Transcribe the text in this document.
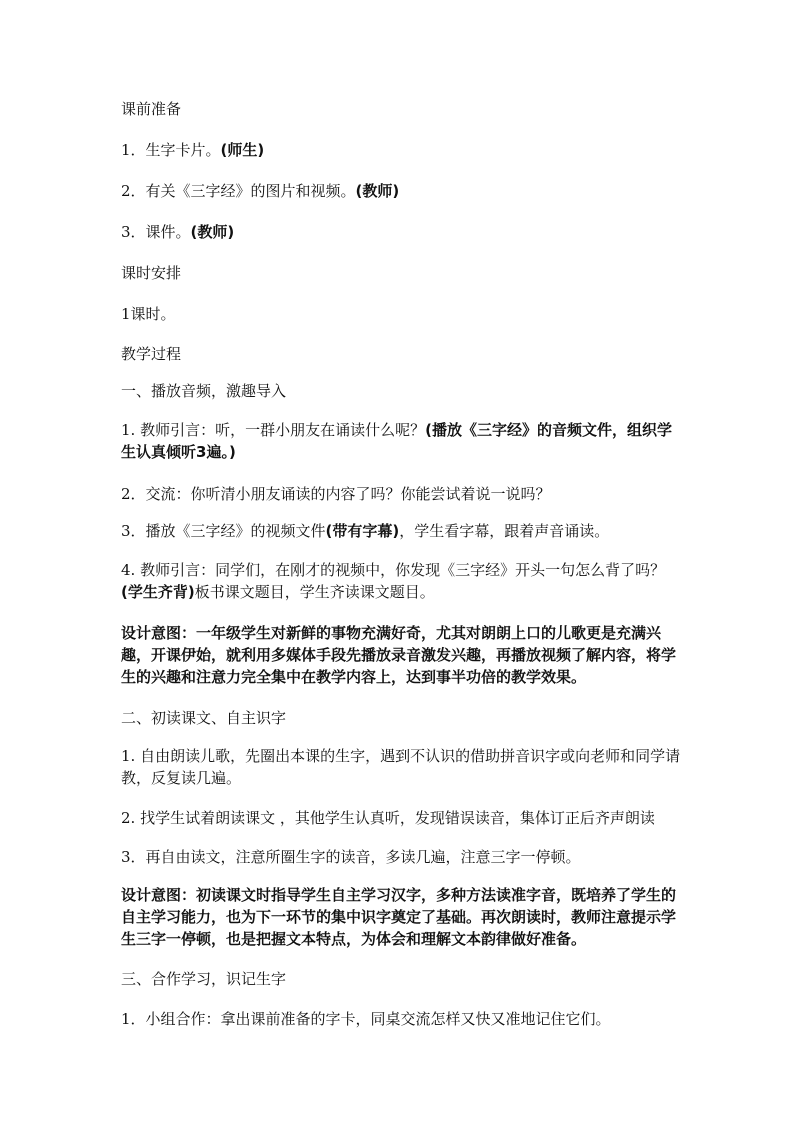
课前准备

1．生字卡片。(师生)

2．有关《三字经》的图片和视频。(教师)

3．课件。(教师)

课时安排

1课时。

教学过程

一、播放音频，激趣导入

1. 教师引言：听，一群小朋友在诵读什么呢？(播放《三字经》的音频文件，组织学生认真倾听3遍。)

2．交流：你听清小朋友诵读的内容了吗？你能尝试着说一说吗？

3．播放《三字经》的视频文件(带有字幕)，学生看字幕，跟着声音诵读。

4. 教师引言：同学们，在刚才的视频中，你发现《三字经》开头一句怎么背了吗？(学生齐背)板书课文题目，学生齐读课文题目。

设计意图：一年级学生对新鲜的事物充满好奇，尤其对朗朗上口的儿歌更是充满兴趣，开课伊始，就利用多媒体手段先播放录音激发兴趣，再播放视频了解内容，将学生的兴趣和注意力完全集中在教学内容上，达到事半功倍的教学效果。

二、初读课文、自主识字

1. 自由朗读儿歌，先圈出本课的生字，遇到不认识的借助拼音识字或向老师和同学请教，反复读几遍。

2. 找学生试着朗读课文 ，其他学生认真听，发现错误读音，集体订正后齐声朗读

3．再自由读文，注意所圈生字的读音，多读几遍，注意三字一停顿。

设计意图：初读课文时指导学生自主学习汉字，多种方法读准字音，既培养了学生的自主学习能力，也为下一环节的集中识字奠定了基础。再次朗读时，教师注意提示学生三字一停顿，也是把握文本特点，为体会和理解文本韵律做好准备。

三、合作学习，识记生字

1．小组合作：拿出课前准备的字卡，同桌交流怎样又快又准地记住它们。
